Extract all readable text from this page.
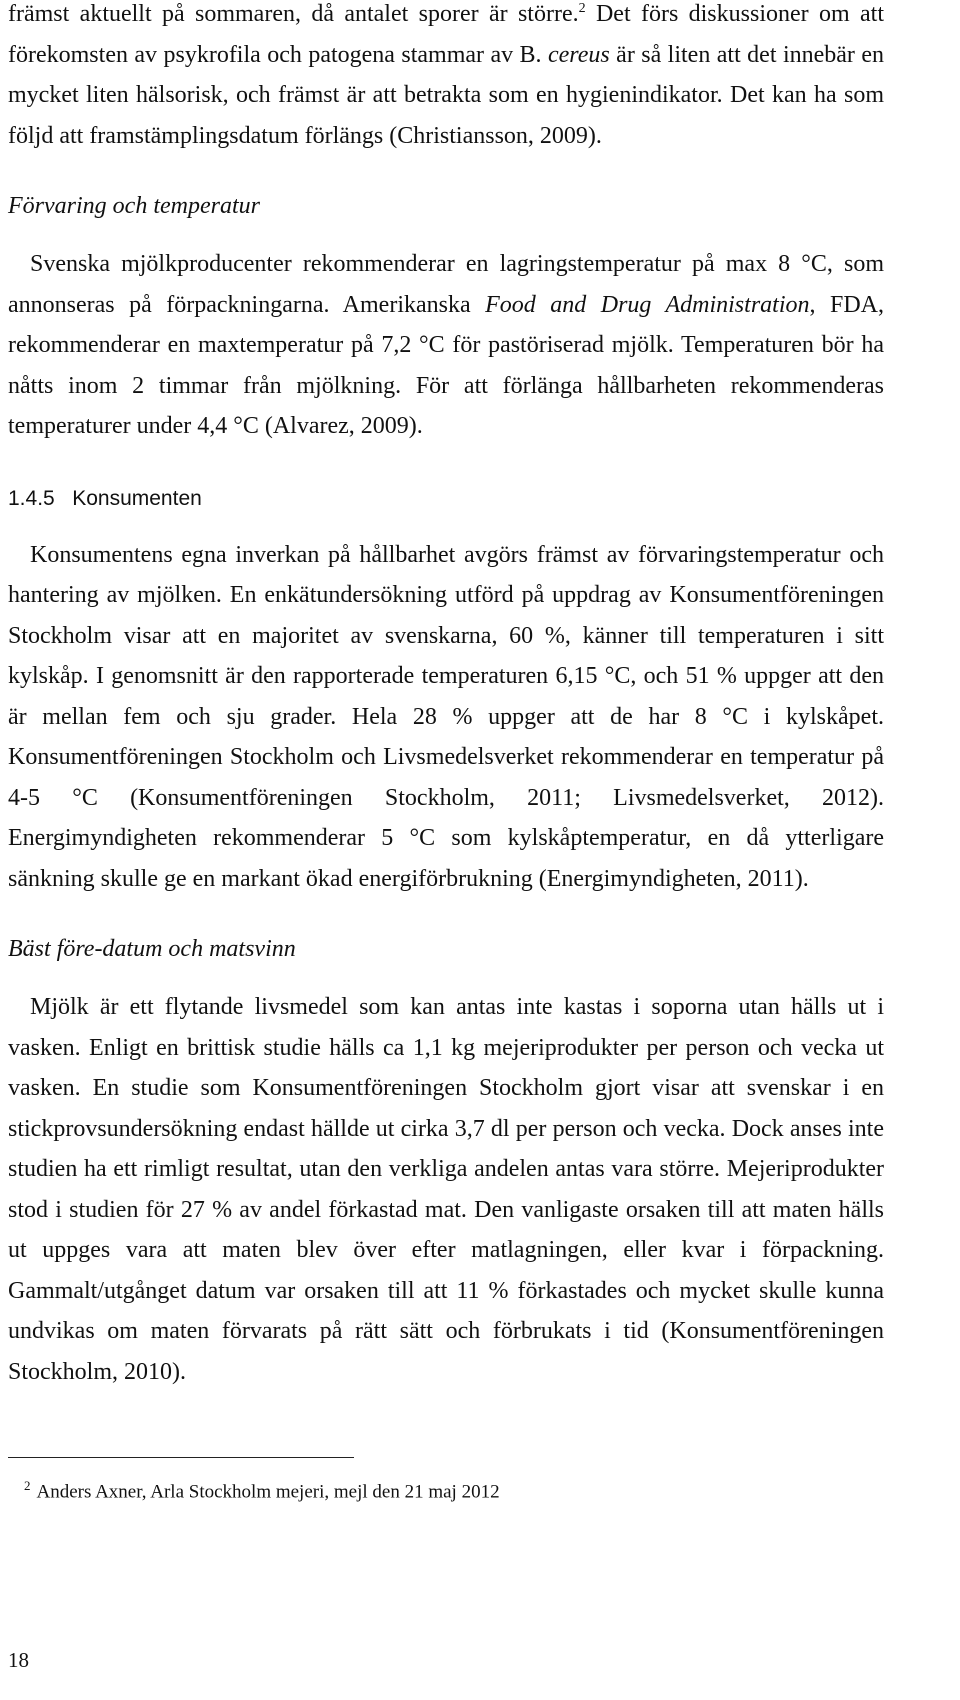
främst aktuellt på sommaren, då antalet sporer är större.$^2$ Det förs diskussioner om att förekomsten av psykrofila och patogena stammar av B. cereus är så liten att det innebär en mycket liten hälsorisk, och främst är att betrakta som en hygienindikator. Det kan ha som följd att framstämplingsdatum förlängs (Christiansson, 2009).

Förvaring och temperatur

Svenska mjölkproducenter rekommenderar en lagringstemperatur på max 8 °C, som annonseras på förpackningarna. Amerikanska Food and Drug Administration, FDA, rekommenderar en maxtemperatur på 7,2 °C för pastöriserad mjölk. Temperaturen bör ha nåtts inom 2 timmar från mjölkning. För att förlänga hållbarheten rekommenderas temperaturer under 4,4 °C (Alvarez, 2009).

1.4.5   Konsumenten

Konsumentens egna inverkan på hållbarhet avgörs främst av förvaringstemperatur och hantering av mjölken. En enkätundersökning utförd på uppdrag av Konsumentföreningen Stockholm visar att en majoritet av svenskarna, 60 %, känner till temperaturen i sitt kylskåp. I genomsnitt är den rapporterade temperaturen 6,15 °C, och 51 % uppger att den är mellan fem och sju grader. Hela 28 % uppger att de har 8 °C i kylskåpet. Konsumentföreningen Stockholm och Livsmedelsverket rekommenderar en temperatur på 4-5 °C (Konsumentföreningen Stockholm, 2011; Livsmedelsverket, 2012). Energimyndigheten rekommenderar 5 °C som kylskåptemperatur, en då ytterligare sänkning skulle ge en markant ökad energiförbrukning (Energimyndigheten, 2011).

Bäst före-datum och matsvinn

Mjölk är ett flytande livsmedel som kan antas inte kastas i soporna utan hälls ut i vasken. Enligt en brittisk studie hälls ca 1,1 kg mejeriprodukter per person och vecka ut vasken. En studie som Konsumentföreningen Stockholm gjort visar att svenskar i en stickprovsundersökning endast hällde ut cirka 3,7 dl per person och vecka. Dock anses inte studien ha ett rimligt resultat, utan den verkliga andelen antas vara större. Mejeriprodukter stod i studien för 27 % av andel förkastad mat. Den vanligaste orsaken till att maten hälls ut uppges vara att maten blev över efter matlagningen, eller kvar i förpackning. Gammalt/utgånget datum var orsaken till att 11 % förkastades och mycket skulle kunna undvikas om maten förvarats på rätt sätt och förbrukats i tid (Konsumentföreningen Stockholm, 2010).

$^2$ Anders Axner, Arla Stockholm mejeri, mejl den 21 maj 2012
18
